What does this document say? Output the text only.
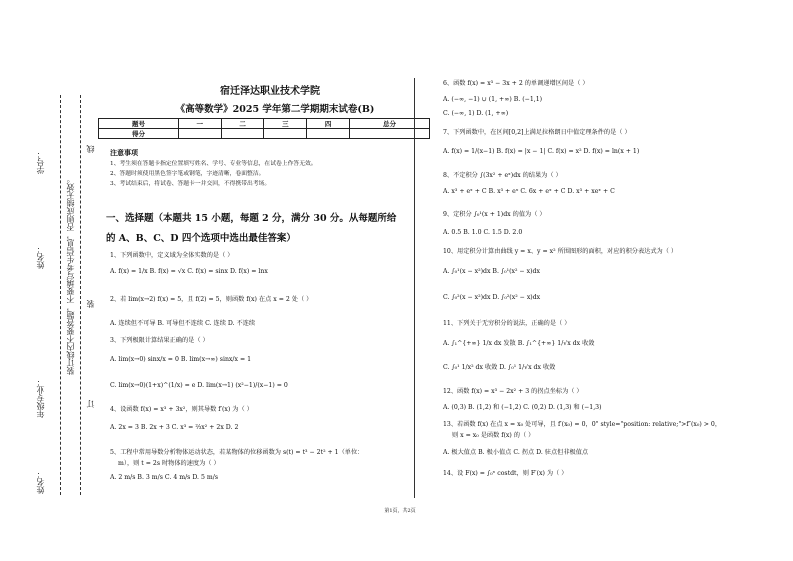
学号：
姓名：
年级专业：
姓名：
装订线内不要答题，不要填写考生信息，否则成绩无效。
线
装
订
宿迁泽达职业技术学院
《高等数学》2025 学年第二学期期末试卷(B)
题号	一	二	三	四	总分
得分					
注意事项
1、考生须在答题卡指定位置填写姓名、学号、专业等信息，在试卷上作答无效。
2、答题时须使用黑色签字笔或钢笔，字迹清晰，卷面整洁。
3、考试结束后，将试卷、答题卡一并交回，不得携带出考场。
一、选择题（本题共 15 小题，每题 2 分，满分 30 分。从每题所给
的 A、B、C、D 四个选项中选出最佳答案）
1、下列函数中，定义域为全体实数的是（ ）
A. f(x) = 1/x B. f(x) = √x C. f(x) = sinx D. f(x) = lnx
2、若 lim(x→2) f(x) = 5，且 f(2) = 5，则函数 f(x) 在点 x = 2 处（ ）
A. 连续但不可导 B. 可导但不连续 C. 连续 D. 不连续
3、下列极限计算结果正确的是（ ）
A. lim(x→0) sinx/x = 0 B. lim(x→∞) sinx/x = 1
C. lim(x→0)(1+x)^(1/x) = e D. lim(x→1) (x²−1)/(x−1) = 0
4、设函数 f(x) = x³ + 3x²，则其导数 f′(x) 为（ ）
A. 2x = 3 B. 2x + 3 C. x³ = ⅔x² + 2x D. 2
5、工程中常用导数分析物体运动状态，若某物体的位移函数为 s(t) = t³ − 2t² + 1（单位：
m），则 t = 2s 时物体的速度为（ ）
A. 2 m/s B. 3 m/s C. 4 m/s D. 5 m/s
6、函数 f(x) = x³ − 3x + 2 的单调递增区间是（ ）
A. (−∞, −1) ∪ (1, +∞) B. (−1,1)
C. (−∞, 1) D. (1, +∞)
7、下列函数中，在区间[0,2]上满足拉格朗日中值定理条件的是（ ）
A. f(x) = 1/(x−1) B. f(x) = |x − 1| C. f(x) = x² D. f(x) = ln(x + 1)
8、不定积分 ∫(3x² + eˣ)dx 的结果为（ ）
A. x³ + eˣ + C B. x³ + eˣ C. 6x + eˣ + C D. x³ + xeˣ + C
9、定积分 ∫₀¹(x + 1)dx 的值为（ ）
A. 0.5 B. 1.0 C. 1.5 D. 2.0
10、用定积分计算由曲线 y = x、y = x² 所围图形的面积，对应的积分表达式为（ ）
A. ∫₀¹(x − x²)dx B. ∫₀¹(x² − x)dx
C. ∫₀²(x − x²)dx D. ∫₀²(x² − x)dx
11、下列关于无穷积分的说法，正确的是（ ）
A. ∫₁^{+∞} 1/x dx 发散 B. ∫₁^{+∞} 1/√x dx 收敛
C. ∫₀¹ 1/x² dx 收敛 D. ∫₀¹ 1/√x dx 收敛
12、函数 f(x) = x³ − 2x² + 3 的拐点坐标为（ ）
A. (0,3) B. (1,2) 和 (−1,2) C. (0,2) D. (1,3) 和 (−1,3)
13、若函数 f(x) 在点 x = x₀ 处可导，且 f′(x₀) = 0，0" style="position: relative;">f″(x₀) > 0，
则 x = x₀ 是函数 f(x) 的（ ）
A. 极大值点 B. 极小值点 C. 拐点 D. 驻点但非极值点
14、设 F(x) = ∫₀ˣ costdt，则 F′(x) 为（ ）
第1页，共2页
